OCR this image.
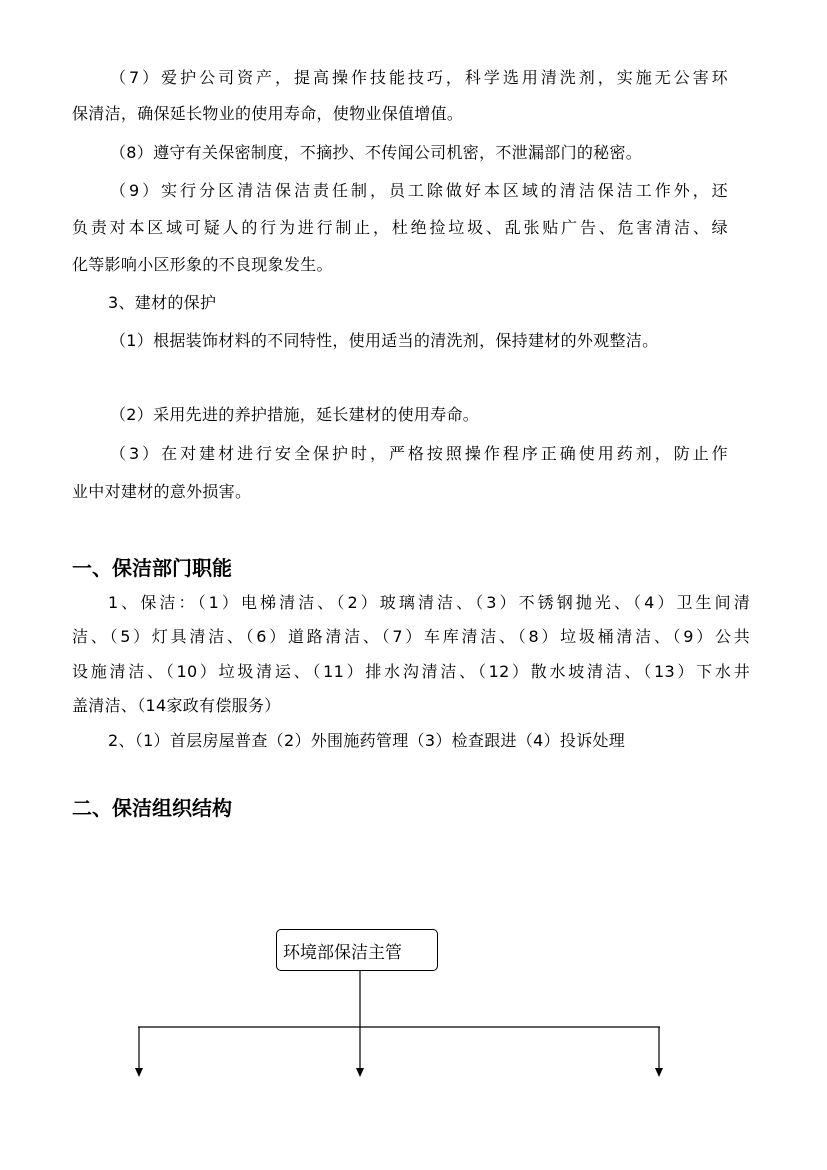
（7）爱护公司资产，提高操作技能技巧，科学选用清洗剂，实施无公害环
保清洁，确保延长物业的使用寿命，使物业保值增值。
（8）遵守有关保密制度，不摘抄、不传闻公司机密，不泄漏部门的秘密。
（9）实行分区清洁保洁责任制，员工除做好本区域的清洁保洁工作外，还
负责对本区域可疑人的行为进行制止，杜绝捡垃圾、乱张贴广告、危害清洁、绿
化等影响小区形象的不良现象发生。
3、建材的保护
（1）根据装饰材料的不同特性，使用适当的清洗剂，保持建材的外观整洁。
（2）采用先进的养护措施，延长建材的使用寿命。
（3）在对建材进行安全保护时，严格按照操作程序正确使用药剂，防止作
业中对建材的意外损害。
一、保洁部门职能
1、保洁：（1）电梯清洁、（2）玻璃清洁、（3）不锈钢抛光、（4）卫生间清
洁、（5）灯具清洁、（6）道路清洁、（7）车库清洁、（8）垃圾桶清洁、（9）公共
设施清洁、（10）垃圾清运、（11）排水沟清洁、（12）散水坡清洁、（13）下水井
盖清洁、（14家政有偿服务）
2、（1）首层房屋普查（2）外围施药管理（3）检查跟进（4）投诉处理
二、保洁组织结构
环境部保洁主管
